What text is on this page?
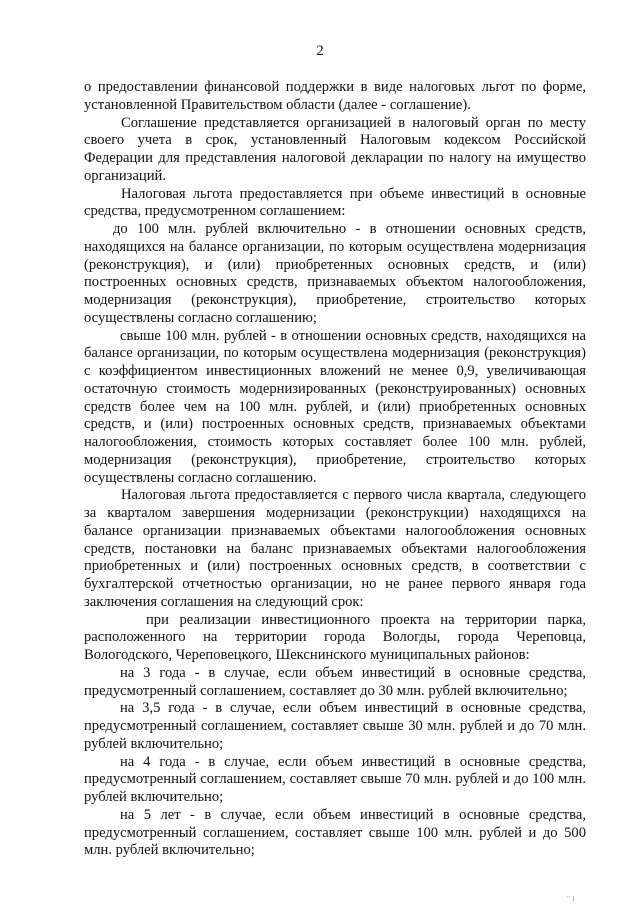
2

о предоставлении финансовой поддержки в виде налоговых льгот по форме, установленной Правительством области (далее - соглашение).

Соглашение представляется организацией в налоговый орган по месту своего учета в срок, установленный Налоговым кодексом Российской Федерации для представления налоговой декларации по налогу на имущество организаций.

Налоговая льгота предоставляется при объеме инвестиций в основные средства, предусмотренном соглашением:

до 100 млн. рублей включительно - в отношении основных средств, находящихся на балансе организации, по которым осуществлена модернизация (реконструкция), и (или) приобретенных основных средств, и (или) построенных основных средств, признаваемых объектом налогообложения, модернизация (реконструкция), приобретение, строительство которых осуществлены согласно соглашению;

свыше 100 млн. рублей - в отношении основных средств, находящихся на балансе организации, по которым осуществлена модернизация (реконструкция) с коэффициентом инвестиционных вложений не менее 0,9, увеличивающая остаточную стоимость модернизированных (реконструированных) основных средств более чем на 100 млн. рублей, и (или) приобретенных основных средств, и (или) построенных основных средств, признаваемых объектами налогообложения, стоимость которых составляет более 100 млн. рублей, модернизация (реконструкция), приобретение, строительство которых осуществлены согласно соглашению.

Налоговая льгота предоставляется с первого числа квартала, следующего за кварталом завершения модернизации (реконструкции) находящихся на балансе организации признаваемых объектами налогообложения основных средств, постановки на баланс признаваемых объектами налогообложения приобретенных и (или) построенных основных средств, в соответствии с бухгалтерской отчетностью организации, но не ранее первого января года заключения соглашения на следующий срок:

при реализации инвестиционного проекта на территории парка, расположенного на территории города Вологды, города Череповца, Вологодского, Череповецкого, Шекснинского муниципальных районов:

на 3 года - в случае, если объем инвестиций в основные средства, предусмотренный соглашением, составляет до 30 млн. рублей включительно;

на 3,5 года - в случае, если объем инвестиций в основные средства, предусмотренный соглашением, составляет свыше 30 млн. рублей и до 70 млн. рублей включительно;

на 4 года - в случае, если объем инвестиций в основные средства, предусмотренный соглашением, составляет свыше 70 млн. рублей и до 100 млн. рублей включительно;

на 5 лет - в случае, если объем инвестиций в основные средства, предусмотренный соглашением, составляет свыше 100 млн. рублей и до 500 млн. рублей включительно;

" 1
